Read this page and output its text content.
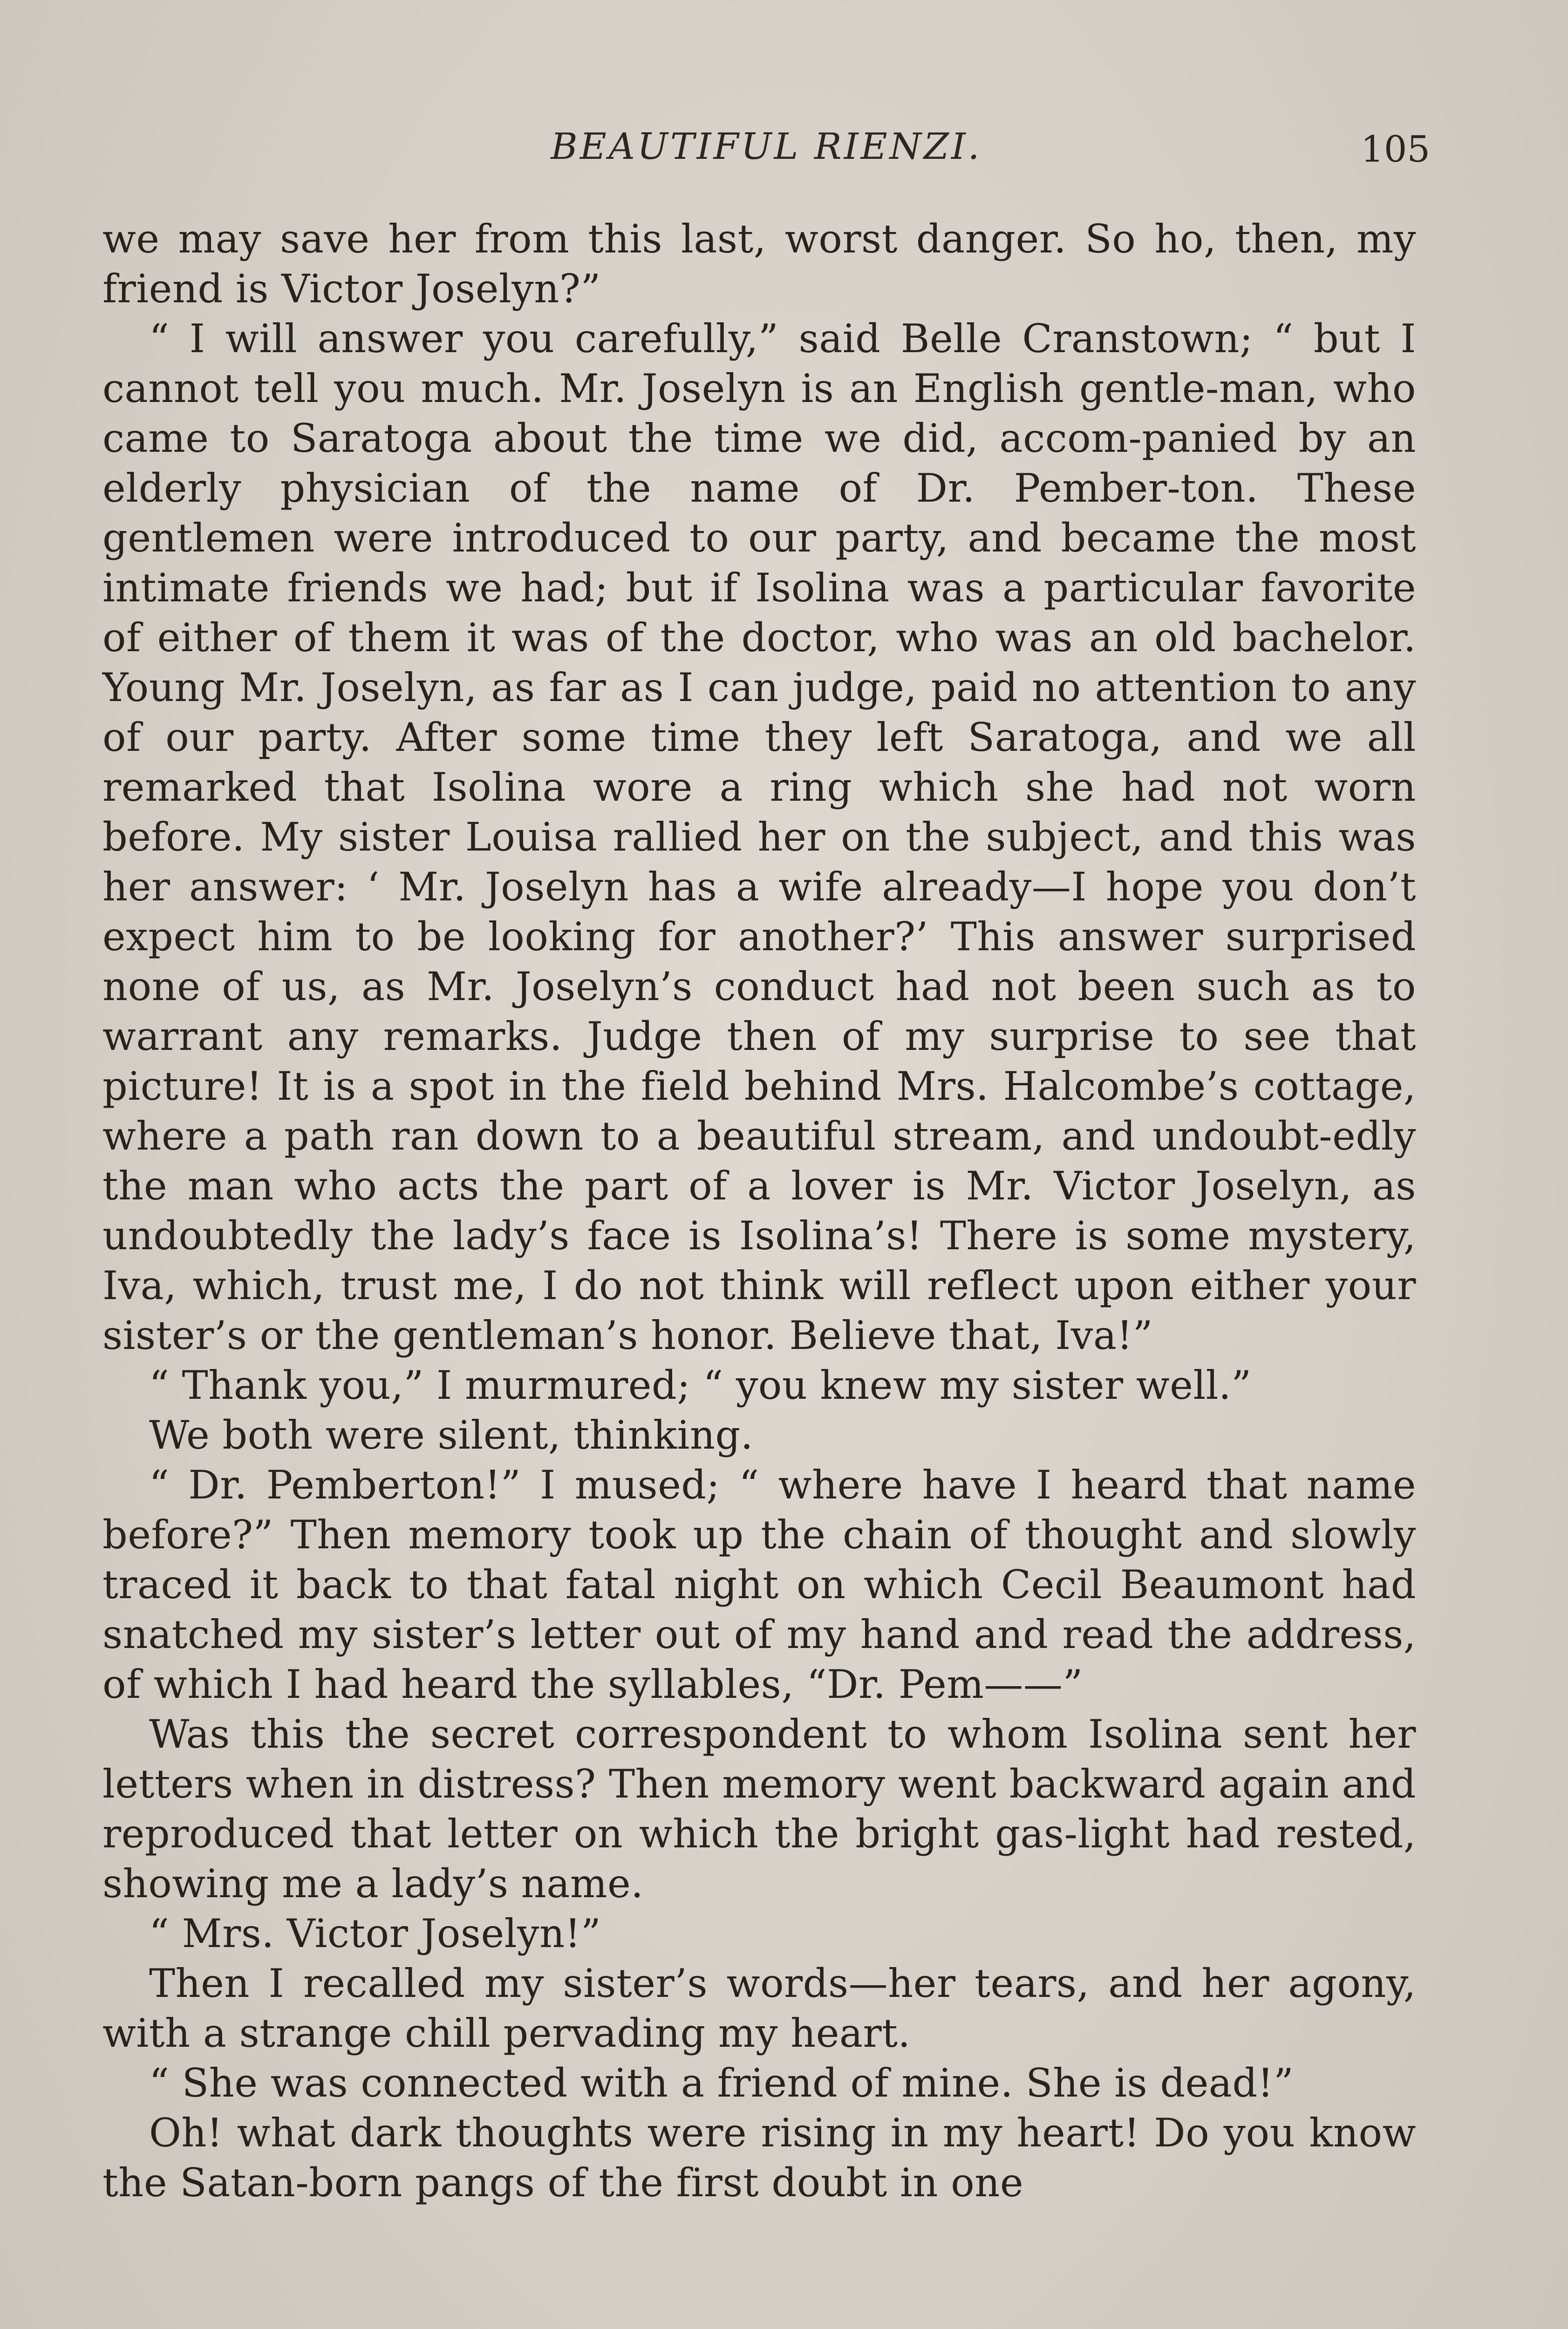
BEAUTIFUL RIENZI.	105

we may save her from this last, worst danger. So ho, then, my friend is Victor Joselyn?”

“ I will answer you carefully,” said Belle Cranstown; “ but I cannot tell you much. Mr. Joselyn is an English gentle-man, who came to Saratoga about the time we did, accom-panied by an elderly physician of the name of Dr. Pember-ton. These gentlemen were introduced to our party, and became the most intimate friends we had; but if Isolina was a particular favorite of either of them it was of the doctor, who was an old bachelor. Young Mr. Joselyn, as far as I can judge, paid no attention to any of our party. After some time they left Saratoga, and we all remarked that Isolina wore a ring which she had not worn before. My sister Louisa rallied her on the subject, and this was her answer: ‘ Mr. Joselyn has a wife already—I hope you don’t expect him to be looking for another?’ This answer surprised none of us, as Mr. Joselyn’s conduct had not been such as to warrant any remarks. Judge then of my surprise to see that picture! It is a spot in the field behind Mrs. Halcombe’s cottage, where a path ran down to a beautiful stream, and undoubt-edly the man who acts the part of a lover is Mr. Victor Joselyn, as undoubtedly the lady’s face is Isolina’s! There is some mystery, Iva, which, trust me, I do not think will reflect upon either your sister’s or the gentleman’s honor. Believe that, Iva!”

“ Thank you,” I murmured; “ you knew my sister well.”

We both were silent, thinking.

“ Dr. Pemberton!” I mused; “ where have I heard that name before?” Then memory took up the chain of thought and slowly traced it back to that fatal night on which Cecil Beaumont had snatched my sister’s letter out of my hand and read the address, of which I had heard the syllables, “Dr. Pem——”

Was this the secret correspondent to whom Isolina sent her letters when in distress? Then memory went backward again and reproduced that letter on which the bright gas-light had rested, showing me a lady’s name.

“ Mrs. Victor Joselyn!”

Then I recalled my sister’s words—her tears, and her agony, with a strange chill pervading my heart.

“ She was connected with a friend of mine. She is dead!”

Oh! what dark thoughts were rising in my heart! Do you know the Satan-born pangs of the first doubt in one
